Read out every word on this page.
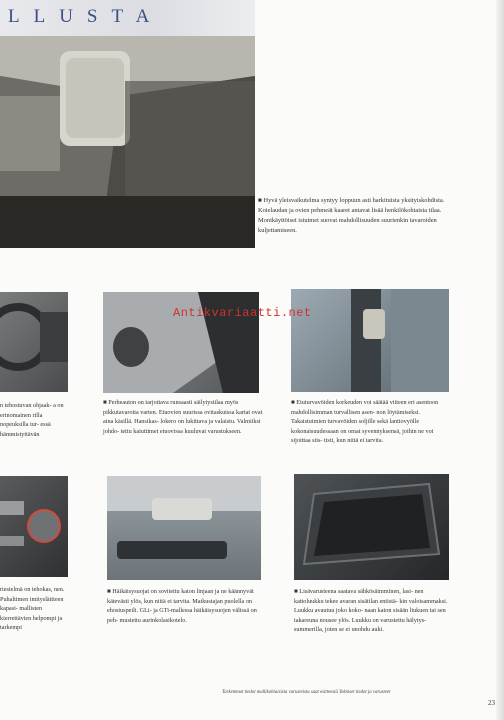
LLUSTA
■ Hyvä yleisvaikutelma syntyy loppuun asti harkituista yksityiskohdista. Koielaudan ja ovien pehmeät kaaret antavat lisää henkilökohtaista tilaa. Monikäyttöiset istuimet suovat mahdollisuuden suurienkin tavaroiden kuljettamiseen.
Antikvariaatti.net
n tehostuvan ohjaak- a on erinomainen rilla nopeuksilla tur- essä hämmistyttävän
■ Perheauton on tarjottava runsaasti säilytystilaa myös pikkutavaroita varten. Etuovien suurissa ovitaskuissa kartat ovat aina käsillä. Hansikas- lokero on lukittava ja valaistu. Valmiiksi johdo- tettu kaiuttimet etuovissa kuuluvat varustukseen.
■ Etuturvavöiden korkeuden voi säätää viiteen eri asentoon mahdollisimman turvallisen asen- non löytämiseksi. Takaistuimien turvavöiden soljille sekä lantiovyölle kokonaisuudessaan on omat syvennyksensä, joihin ne voi sijoittaa siis- tisti, kun niitä ei tarvita.
riestelmä on tehokas, nen. Puhaltimen imitysläitteen kapasi- mallisten kierrettävien helpompi ja tarkempi
■ Häikäisysuojat on sovitettu katon linjaan ja ne käännyvät kätevästi ylös, kun niitä ei tarvita. Matkustajan puolella on ehostuspeili. GLi- ja GTi-mallessa häikäisysuojen välissä on peh- mustettu aurinkolasikotelo.
■ Lisävarusteena saatava sähkösäimminen, lasi- nen kattoluukku tekee avaran sisätilan entistä- kin valoisammaksi. Luukku avautuu joko koko- naan katon sisään liukuen tai sen takareuna nousee ylös. Luukku on varustettu hälytys- summerilla, joten se ei unohdu auki.
Tarkemmat tiedot mallikohtaisista varusteista saat esitteestä Tekniset tiedot ja varusteet
23
